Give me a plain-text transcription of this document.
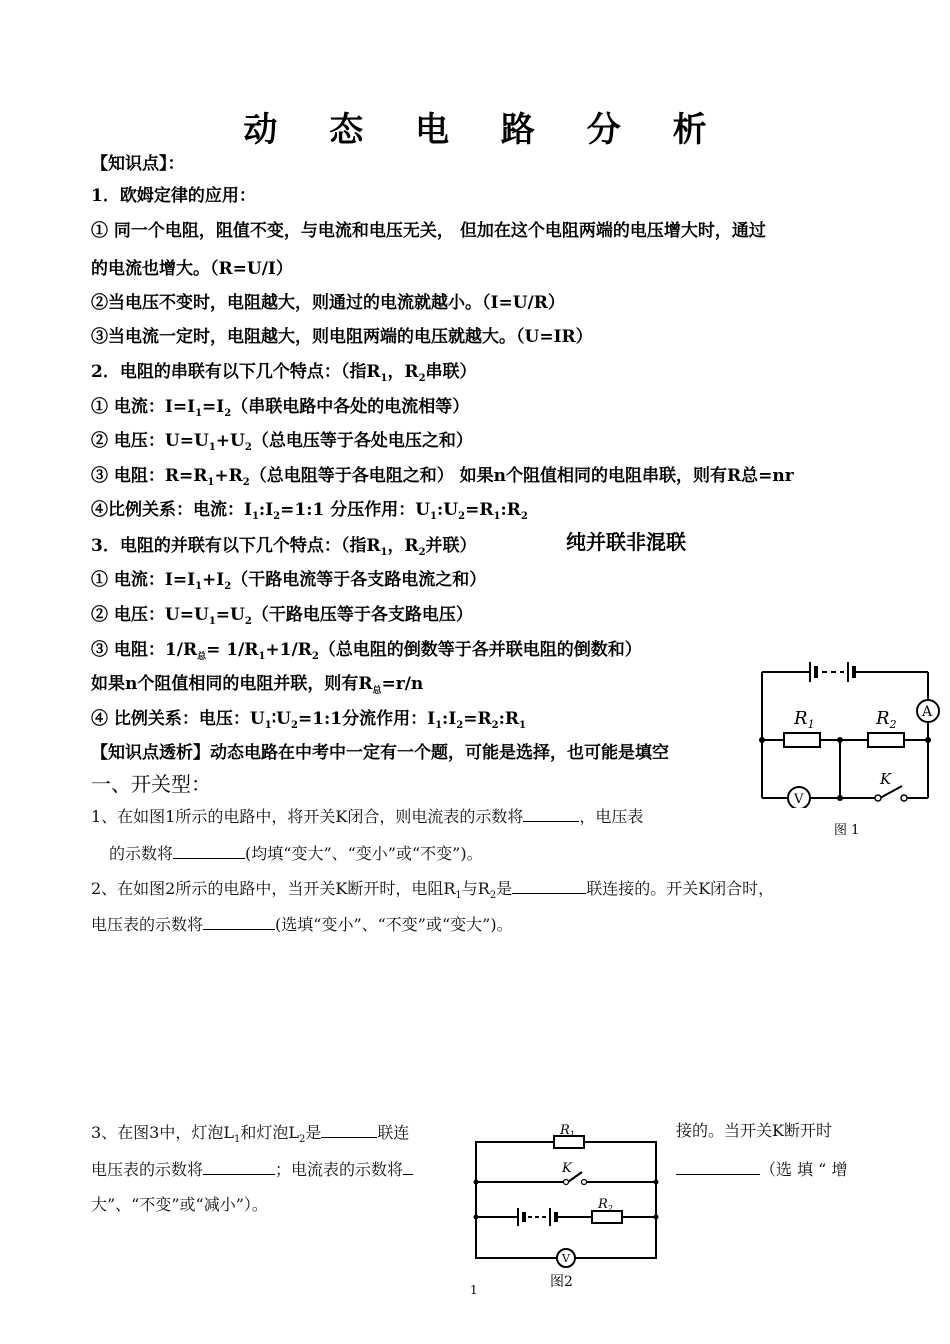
动 态 电 路 分 析
【知识点】：
1．欧姆定律的应用：
① 同一个电阻，阻值不变，与电流和电压无关， 但加在这个电阻两端的电压增大时，通过
的电流也增大。（R=U/I）
②当电压不变时，电阻越大，则通过的电流就越小。（I=U/R）
③当电流一定时，电阻越大，则电阻两端的电压就越大。（U=IR）
2．电阻的串联有以下几个特点：（指$R_1$，$R_2$串联）
① 电流：$I=I_1=I_2$（串联电路中各处的电流相等）
② 电压：$U=U_1+U_2$（总电压等于各处电压之和）
③ 电阻：$R=R_1+R_2$（总电阻等于各电阻之和） 如果n个阻值相同的电阻串联，则有R总=nr
④比例关系：电流：$I_1:I_2=1:1$ 分压作用：$U_1:U_2=R_1:R_2$
3．电阻的并联有以下几个特点：（指$R_1$，$R_2$并联）	纯并联非混联
① 电流：$I=I_1+I_2$（干路电流等于各支路电流之和）
② 电压：$U=U_1=U_2$（干路电压等于各支路电压）
③ 电阻：$1/R_总= 1/R_1+1/R_2$（总电阻的倒数等于各并联电阻的倒数和）
如果n个阻值相同的电阻并联，则有$R_总=r/n$
④ 比例关系：电压：$U_1∶U_2=1:1$分流作用：$I_1:I_2=R_2:R_1$
【知识点透析】动态电路在中考中一定有一个题，可能是选择，也可能是填空
一、开关型：
1、在如图1所示的电路中，将开关K闭合，则电流表的示数将	，电压表
的示数将	(均填“变大”、“变小”或“不变”)。
2、在如图2所示的电路中，当开关K断开时，电阻$R_1$与$R_2$是	联连接的。开关K闭合时，
电压表的示数将	(选填“变小”、“不变”或“变大”)。
3、在图3中，灯泡$L_1$和灯泡$L_2$是	联连	接的。当开关K断开时
电压表的示数将	；电流表的示数将	（选 填 “ 增
大”、“不变”或“减小”）。
$R_1$	$R_2$
A
V
K
图 1
$R_1$
$R_2$
K
V
图2
1
